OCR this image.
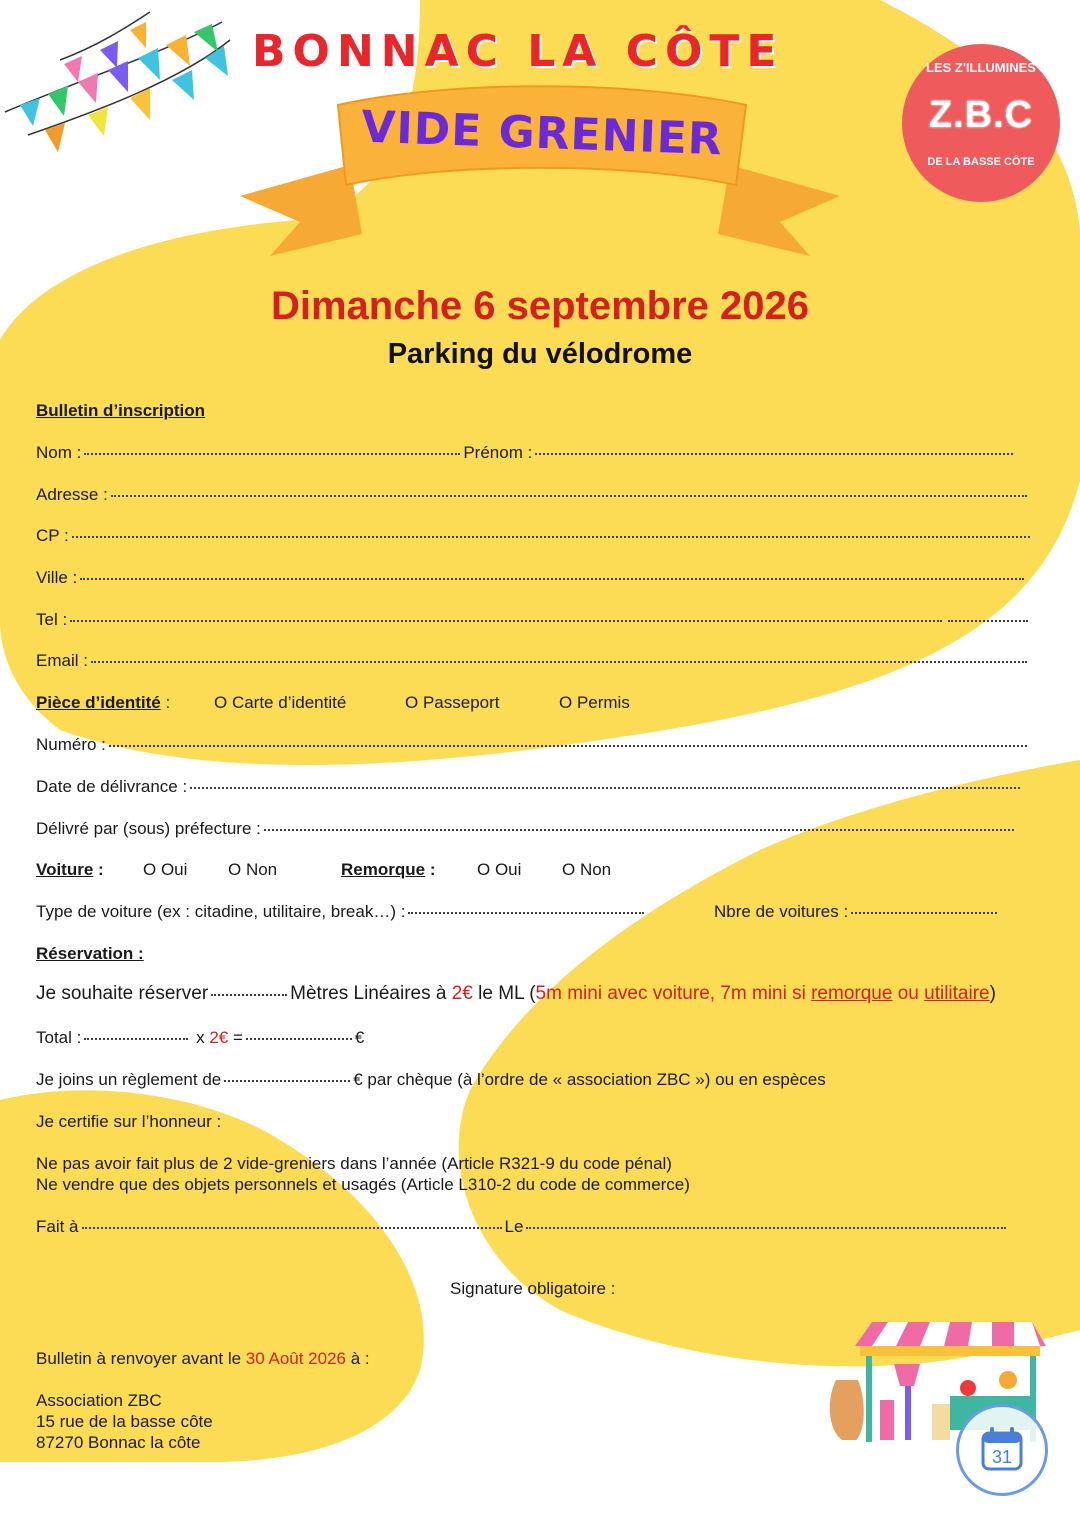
BONNAC LA CÔTE
VIDE GRENIER
LES Z'ILLUMINES
Z.B.C
DE LA BASSE CÔTE
Dimanche 6 septembre 2026
Parking du vélodrome
Bulletin d’inscription
Nom :	Prénom :
Adresse :
CP :
Ville :
Tel :
Email :
Pièce d’identité :	O Carte d’identité	O Passeport	O Permis
Numéro :
Date de délivrance :
Délivré par (sous) préfecture :
Voiture : O Oui O Non	Remorque : O Oui O Non
Type de voiture (ex : citadine, utilitaire, break…) :	Nbre de voitures :
Réservation :
Je souhaite réserver	Mètres Linéaires à 2€ le ML (5m mini avec voiture, 7m mini si remorque ou utilitaire)
Total :	x 2€ =	€
Je joins un règlement de	€ par chèque (à l’ordre de « association ZBC ») ou en espèces
Je certifie sur l’honneur :
Ne pas avoir fait plus de 2 vide-greniers dans l’année (Article R321-9 du code pénal)
Ne vendre que des objets personnels et usagés (Article L310-2 du code de commerce)
Fait à	Le
Signature obligatoire :
Bulletin à renvoyer avant le 30 Août 2026 à :
Association ZBC
15 rue de la basse côte
87270 Bonnac la côte
31
